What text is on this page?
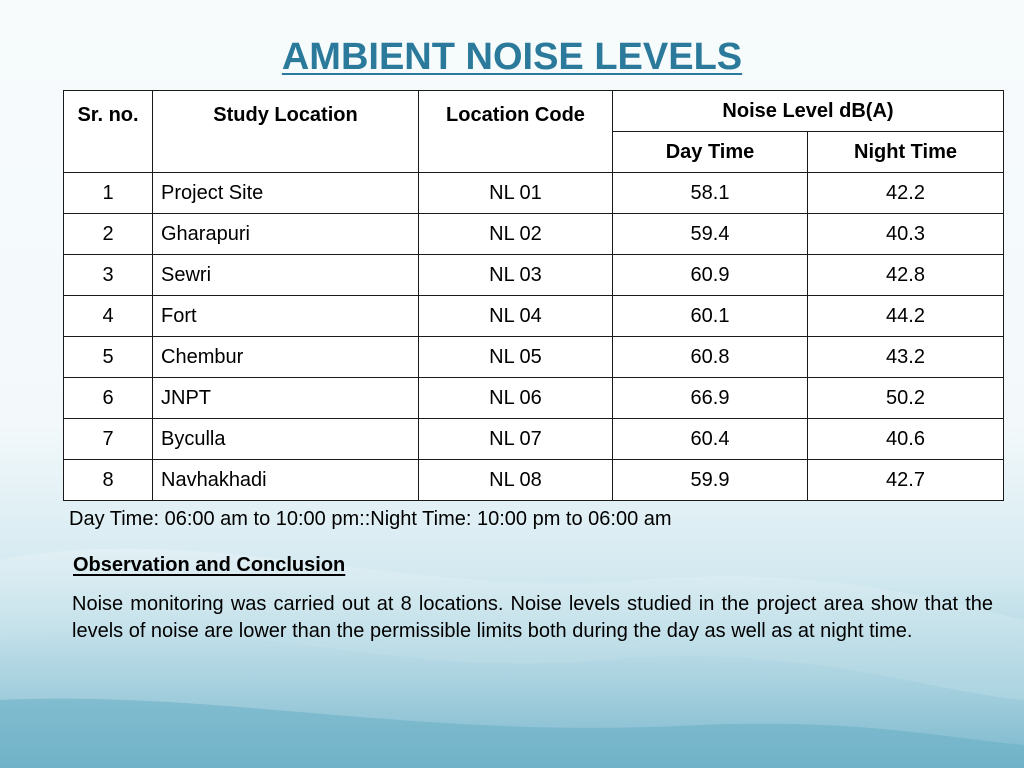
AMBIENT NOISE LEVELS
Sr. no.	Study Location	Location Code	Noise Level dB(A)	
			Day Time	Night Time
1	Project Site	NL 01	58.1	42.2
2	Gharapuri	NL 02	59.4	40.3
3	Sewri	NL 03	60.9	42.8
4	Fort	NL 04	60.1	44.2
5	Chembur	NL 05	60.8	43.2
6	JNPT	NL 06	66.9	50.2
7	Byculla	NL 07	60.4	40.6
8	Navhakhadi	NL 08	59.9	42.7
Day Time: 06:00 am to 10:00 pm::Night Time: 10:00 pm to 06:00 am
Observation and Conclusion
Noise monitoring was carried out at 8 locations. Noise levels studied in the project area show that the levels of noise are lower than the permissible limits both during the day as well as at night time.
